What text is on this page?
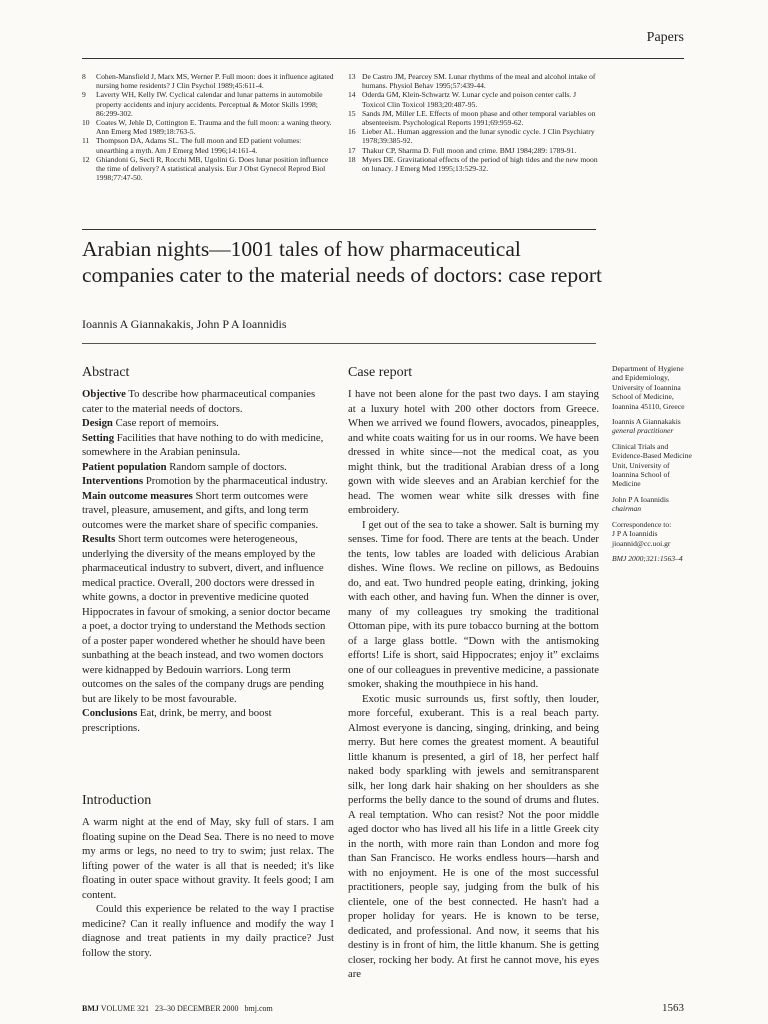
Papers
8	Cohen-Mansfield J, Marx MS, Werner P. Full moon: does it influence agitated nursing home residents? J Clin Psychol 1989;45:611-4.
9	Laverty WH, Kelly IW. Cyclical calendar and lunar patterns in automobile property accidents and injury accidents. Perceptual & Motor Skills 1998; 86:299-302.
10 Coates W, Jehle D, Cottington E. Trauma and the full moon: a waning theory. Ann Emerg Med 1989;18:763-5.
11 Thompson DA, Adams SL. The full moon and ED patient volumes: unearthing a myth. Am J Emerg Med 1996;14:161-4.
12 Ghiandoni G, Secli R, Rocchi MB, Ugolini G. Does lunar position influence the time of delivery? A statistical analysis. Eur J Obst Gynecol Reprod Biol 1998;77:47-50.
13 De Castro JM, Pearcey SM. Lunar rhythms of the meal and alcohol intake of humans. Physiol Behav 1995;57:439-44.
14 Oderda GM, Klein-Schwartz W. Lunar cycle and poison center calls. J Toxicol Clin Toxicol 1983;20:487-95.
15 Sands JM, Miller LE. Effects of moon phase and other temporal variables on absenteeism. Psychological Reports 1991;69:959-62.
16 Lieber AL. Human aggression and the lunar synodic cycle. J Clin Psychiatry 1978;39:385-92.
17 Thakur CP, Sharma D. Full moon and crime. BMJ 1984;289: 1789-91.
18 Myers DE. Gravitational effects of the period of high tides and the new moon on lunacy. J Emerg Med 1995;13:529-32.
Arabian nights—1001 tales of how pharmaceutical companies cater to the material needs of doctors: case report
Ioannis A Giannakakis, John P A Ioannidis
Abstract

Objective To describe how pharmaceutical companies cater to the material needs of doctors.

Design Case report of memoirs.

Setting Facilities that have nothing to do with medicine, somewhere in the Arabian peninsula.

Patient population Random sample of doctors.

Interventions Promotion by the pharmaceutical industry.

Main outcome measures Short term outcomes were travel, pleasure, amusement, and gifts, and long term outcomes were the market share of specific companies.

Results Short term outcomes were heterogeneous, underlying the diversity of the means employed by the pharmaceutical industry to subvert, divert, and influence medical practice. Overall, 200 doctors were dressed in white gowns, a doctor in preventive medicine quoted Hippocrates in favour of smoking, a senior doctor became a poet, a doctor trying to understand the Methods section of a poster paper wondered whether he should have been sunbathing at the beach instead, and two women doctors were kidnapped by Bedouin warriors. Long term outcomes on the sales of the company drugs are pending but are likely to be most favourable.

Conclusions Eat, drink, be merry, and boost prescriptions.

Introduction

A warm night at the end of May, sky full of stars. I am floating supine on the Dead Sea. There is no need to move my arms or legs, no need to try to swim; just relax. The lifting power of the water is all that is needed; it's like floating in outer space without gravity. It feels good; I am content.

Could this experience be related to the way I practise medicine? Can it really influence and modify the way I diagnose and treat patients in my daily practice? Just follow the story.

Case report

I have not been alone for the past two days. I am staying at a luxury hotel with 200 other doctors from Greece. When we arrived we found flowers, avocados, pineapples, and white coats waiting for us in our rooms. We have been dressed in white since—not the medical coat, as you might think, but the traditional Arabian dress of a long gown with wide sleeves and an Arabian kerchief for the head. The women wear white silk dresses with fine embroidery.

I get out of the sea to take a shower. Salt is burning my senses. Time for food. There are tents at the beach. Under the tents, low tables are loaded with delicious Arabian dishes. Wine flows. We recline on pillows, as Bedouins do, and eat. Two hundred people eating, drinking, joking with each other, and having fun. When the dinner is over, many of my colleagues try smoking the traditional Ottoman pipe, with its pure tobacco burning at the bottom of a large glass bottle. “Down with the antismoking efforts! Life is short, said Hippocrates; enjoy it” exclaims one of our colleagues in preventive medicine, a passionate smoker, shaking the mouthpiece in his hand.

Exotic music surrounds us, first softly, then louder, more forceful, exuberant. This is a real beach party. Almost everyone is dancing, singing, drinking, and being merry. But here comes the greatest moment. A beautiful little khanum is presented, a girl of 18, her perfect half naked body sparkling with jewels and semitransparent silk, her long dark hair shaking on her shoulders as she performs the belly dance to the sound of drums and flutes. A real temptation. Who can resist? Not the poor middle aged doctor who has lived all his life in a little Greek city in the north, with more rain than London and more fog than San Francisco. He works endless hours—harsh and with no enjoyment. He is one of the most successful practitioners, people say, judging from the bulk of his clientele, one of the best connected. He hasn't had a proper holiday for years. He is known to be terse, dedicated, and professional. And now, it seems that his destiny is in front of him, the little khanum. She is getting closer, rocking her body. At first he cannot move, his eyes are

Department of Hygiene and Epidemiology, University of Ioannina School of Medicine, Ioannina 45110, Greece
Ioannis A Giannakakis
general practitioner
Clinical Trials and Evidence-Based Medicine Unit, University of Ioannina School of Medicine
John P A Ioannidis
chairman
Correspondence to:
J P A Ioannidis
jioannid@cc.uoi.gr
BMJ 2000;321:1563–4
BMJ VOLUME 321   23–30 DECEMBER 2000   bmj.com	1563
